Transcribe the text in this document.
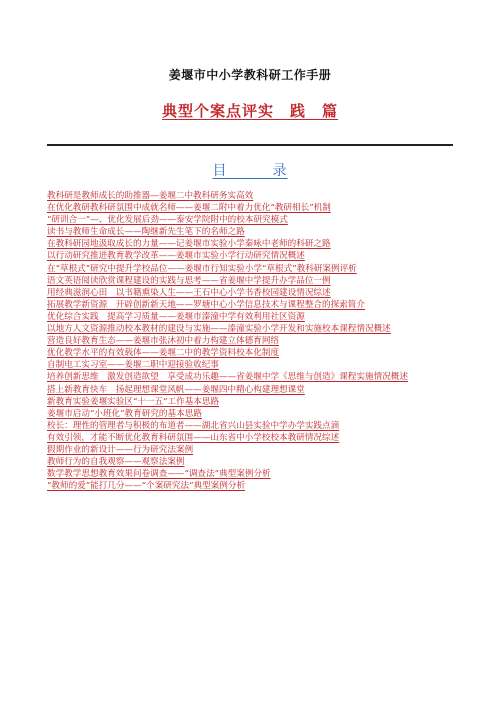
姜堰市中小学教科研工作手册
典型个案点评实　践　篇
目　　　录
教科研是教师成长的助推器—姜堰二中教科研务实高效
在优化教研教科研氛围中成就名师——姜堰二附中着力优化“教研相长”机制
“研训合一”—、优化发展后劲——泰安学院附中的校本研究模式
读书与教师生命成长——陶继新先生笔下的名师之路
在教科研园地汲取成长的力量——记姜堰市实验小学秦咏中老师的科研之路
以行动研究推进教育教学改革——姜堰市实验小学行动研究情况概述
在“草根式”研究中提升学校品位——姜堰市行知实验小学“草根式”教科研案例评析
语文英语阅读欣赏课程建设的实践与思考——省姜堰中学提升办学品位一例
用经典滋润心田　以书籍熏染人生——王石中心小学书香校园建设情况综述
拓展教学新资源　开辟创新新天地——罗塘中心小学信息技术与课程整合的探索简介
优化综合实践　提高学习质量——姜堰市溱潼中学有效利用社区资源
以地方人文资源推动校本教材的建设与实施——溱潼实验小学开发和实施校本课程情况概述
营造良好教育生态——姜堰市张沐初中着力构建立体德育网络
优化教学水平的有效载体——姜堰二中的教学资料校本化制度
自制电工实习室——姜堰二职中迎接验收纪事
培养创新思维　激发创造欲望　享受成功乐趣——省姜堰中学《思维与创造》课程实施情况概述
搭上新教育快车　扬起理想课堂风帆——姜堰四中精心构建理想课堂
新教育实验姜堰实验区“十一五”工作基本思路
姜堰市启动“小班化”教育研究的基本思路
校长：理性的管理者与积极的布道者——湖北省兴山县实验中学办学实践点滴
有效引领，才能不断优化教育科研氛围——山东省中小学校校本教研情况综述
假期作业的新设计——行为研究法案例
教师行为的自我观察——观察法案例
数学教学思想教育效果问卷调查——“调查法”典型案例分析
“教师的爱”能打几分——“个案研究法”典型案例分析
